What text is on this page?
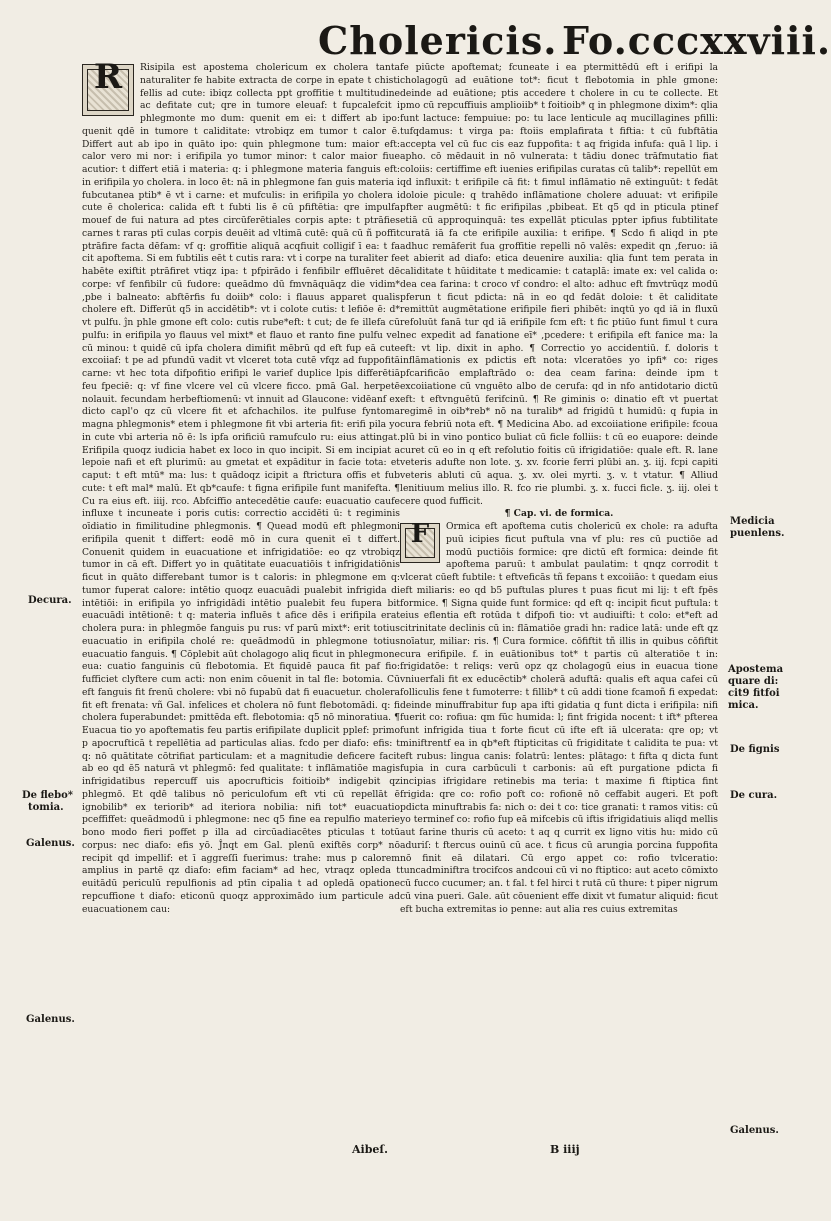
Cholericis. Fo.cccxxviii.
R	Risipila est apostema cholericum ex cholera tanta naturaliter fe habite extracta de corpe in epate t chisti fellis ad cute: ibiqz collecta ppt groffitie t multitudine ac defitate cut; qre in tumore eleuaf: t fupcalefcit i phlegmonte mo dum: quenit em ei: t differt ab ipo: quenit qdē in tumore t caliditate: vtrobiqz em tumor t calor ē. Differt aut ab ipo in quāto ipo: quin phlegmone tum: maior eft: calor vero mi nor: i erifipila yo tumor minor: t calor maior fiue acutior: t differt etiā i materia: q: i phlegmone materia fanguis eft: in erifipila yo cholera. in loco ēt: nā in phlegmone fan guis materia i fubcutanea ptib* ē vt i carne: et mufculis: in erifipila yo cholera i cute ē cholerica: calida eft t fubti lis ē cū pfiftētia: qre impulfa mouef de fui natura ad ptes circūferētiales corpis apte: t ptrāfies carnes t raras ptī culas corpis deuēit ad vltimā cutē: quā cū ñ poffit ptrāfire facta dēfam: vf q: groffitie aliquā acqfiuit colligif ī ea: t fa cit apoftema. Si em fubtilis eēt t cutis rara: vt i corpe na turaliter fe habēte exiftit ptrāfiret vtiqz ipa: t pfpirādo i fenfibilr effluēret dē corpe: vf fenfibilr cū fudore: queādmo dū fmvnāquāqz die vidim* ,pbe i balneato: abftērfis fu doiib* colo: i flauus apparet qualis cholere eft. Differūt q5 in accidētib*: vt i colote cutis: t lefiōe ē: d* vt pulfu. ĵn phle gmone eft colo: cutis rube*eft: t cut; de fe illefa cū pulfu: in erifipila yo flauus vel mixt* et flauo et ranto fine pulfu vel cū minou: t quidē cū ipfa cholera dimifit mēbrū qd eft fup eā cute excoiiaf: t pe ad pfundū vadit vt vlceret tota cutē vfqz ad fuppofitā carne: vt hec tota difpofitio erifipi le varief duplice lpis differētiā feu fpeciē: q: vf fine vlcere vel cū vlcere ficco. pmā Gal. herpetē nolauit. fecundam herbeftiomenū: vt innuit ad Glaucone: vidēanf ex dicto capl'o qz cū vlcere fit et afchachilos. ite pulfuse fyntoma magna phlegmonis* etem i phlegmone fit vbi arteria fit: erifi pila yo in cute vbi arteria nō ē: ls ipfa orificiū ramufculo ru: eius attingat. Erifipila quoqz iudicia habet ex loco in quo incipit. Si em incipiat a lepoie nafi et eft plurimū: au gmetat et expāditur in facie tota: et caput: t eft mtū* ma: lus: t quādoqz icipit a ftrictura offis et fub cute: t eft mal* malū. Et qb*caufe: t figna erifipile funt manifefta. ¶ Cu ra eius eft. iiij. rco. Abfciffio antecedētie caufe: euacuatio caufe influxe t incuneate i poris cutis: correctio accidēti ū: t regiminis oīdiatio in fimilitudine phlegmonis. ¶ Quead modū eft phlegmoni erifipila quenit t differt: eodē mō in cura quenit eī t differt. Conuenit quidem in euacuatione et infrigidatiōe: eo qz vtrobiqz tumor in cā eft. Differt yo in quātitate euacuatiōis t infrigidatiōnis ficut in quāto differebant tumor is t caloris: in phlegmone em q: tumor fuperat calore: intētio quoqz euacuādi pualebit infrigida di intētiōi: in erifipila yo infrigidādi intētio pualebit feu fupera bit euacuādi intētionē: t q: materia influēs t afice dēs i erifipila erat cholera pura: in phlegmōe fanguis pu rus: vf parū mixt*: erit totius euacuatio in erifipila cholé re: queādmodū in phlegmone totius euacuatio fanguis. ¶ Cōplebit aūt cholagogo aliq ficut in phlegmone eua: cuatio fanguinis cū flebotomia. Et fiquidē pauca fit paf fio: fufficiet clyftere cum acti: non enim cōuenit in tal fle: botomia. Cū eft fanguis fit frenū cholere: vbi nō fupabū dat fi euacuetur. cholera fit eft frenata: vñ Gal. infelices et cholera nō funt flebotomādi. q: fi cholera fuperabundet: pmittēda eft. flebotomia: q5 nō minoratiua. ¶ Euacua tio yo apoftematis feu partis erifipilate duplicit pplef: primo p apocrufticā t repellētia ad particulas alias. fcdo per diafo: efis: t q: nō quātitate cōtrifiat particulam: et a magnitudie deficere facit ab eo qd ē5 naturā vt phlegmō: fed qualitate: t inflāmatiōe magis infrigidatibus repercuff uis apocrufticis foitioib* indigebit qz phlegmō. Et qdē talibus nō periculofum eft vti cū repellāt ē ignobilib* ex teriorib* ad iteriora nobilia: nifi tot* euacuatio pceffiffet: queādmodū i phlegmone: nec q5 fine ea repulfio materie bono modo fieri poffet p illa ad circūadiacētes pticulas t totū corpus: nec diafo: efis yō. Ĵnqt em Gal. plenū exiftēs corp* nō recipit qd impellif: et ī aggreſſi fuerimus: trahe: mus p calorem amplius in partē qz diafo: efim faciam* ad hec, vtraqz opleda t euitādū periculū repulfionis ad ptīn cipalia t ad opledā opatione repcuffione t diafo: eticonū quoqz approximādo ium particule ad euacuationem cau:

fe piūcte apoftemat; fcuneate i ea ptermittēdū eft i erifipi la cholagogū ad euātione tot*: ficut t flebotomia in phle gmone: deinde ad euātione; ptis accedere t cholere in cu te collecte. Et pmo cū repcuffiuis amplioiib* t foitioib* q in phlegmone dixim*: qlia funt lactuce: fempuiue: po: tu lace lenticule aq mucillagines pfilli: tufqdamus: t virga pa: ftoiis emplafirata t fiftia: t cū fubftātia accepta vel cū fuc cis eaz fuppofita: t aq frigida infufa: quā l lip. i apho. cō mēdauit in nō vulnerata: t tādiu donec trāfmutatio fiat coloiis: certiffime eft iuenies erifipilas curatas cū talib*: repellūt em qd influxit: t erifipile cā fit: t fimul inflāmatio nē extinguūt: t fedāt doloie picule: q trahēdo inflāmatione cholere aduuat: vt erifipile pfter augmētū: t fic erifipilas ,pbibeat. Et q5 qd in pticula ptinef etiā cū approquinquā: tes expellāt pticulas ppter ipfius fubtilitate curatā iā fa cte erifipile auxilia: t erifipe. ¶ Scdo fi aliqd in pte adhuc remāferit fua groffitie repelli nō valēs: expedit qn ,feruo: iā et abierit ad diafo: etica deuenire auxilia: qlia funt tem perata in caliditate t hūiditate t medicamie: t cataplā: imate ex: vel calida o: dea cea farina: t croco vf condro: el alto: adhuc eft fmvtrūqz modū pferun t ficut pdicta: nā in eo qd fedāt doloie: t ēt caliditate remittūt augmētatione erifipile fieri phibēt: inqtū yo qd iā in fluxū refoluūt fanā tur qd iā erifipile fcm eft: t fic ptiūo funt fimul t cura nec expedit ad fanatione eī* ,pcedere: t erifipila eft fanice ma: la eft: vt lip. dixit in apho. ¶ Correctio yo accidentiū. f. doloris t inflāmationis ex pdictis eft nota: vlceratōes yo ipfi* co: riges pfcarificāo emplaftrādo o: dea ceam farina: deinde ipm t excoiiatione cū vnguēto albo de cerufa: qd in nfo antidotario dictū eft: t eftvnguētū ferifcinū. ¶ Re giminis o: dinatio eft vt puertat regimē in oib*reb* nō na turalib* ad frigidū t humidū: q fupia in cura febriū nota eft. ¶ Medicina Abo. ad excoiiatione erifipile: fcoua plū bi in vino pontico buliat cū ficle folliis: t cū eo euapore: deinde curet cū eo in q eft refolutio foitis cū ifrigidatiōe: quale eft. R. lane veteris adufte non lote. ʒ. xv. fcorie ferri plūbi an. ʒ. iij. fcpi capiti veteris abluti cū aqua. ʒ. xv. olei myrti. ʒ. v. t vtatur. ¶ Alliud lenitiuum melius illo. R. fco rie plumbi. ʒ. x. fucci ficle. ʒ. iij. olei t cere quod fufficit.

¶ Cap. vi. de formica.

F	Ormica eft apoftema cutis cholericū ex chole: ra adufta puū icipies ficut puftula vna vf plu: res cū puctiōe ad modū puctiōis formice: qre dictū eft formica: deinde fit apoftema paruū: t ambulat paulatim: t qnqz corrodit t vlcerat cūeft fubtile: t eftveficās tñ fepans t excoiiāo: t quedam eius eft miliaris: eo qd b5 puftulas plures t puas ficut mi lij: t eft fpēs formice. ¶ Signa quide funt formice: qd eft q: incipit ficut puftula: t eius eflentia eft rotūda t difpofi tio: vt audiuifti: t colo: et*eft ad citrinitate declinis cū in: flāmatiōe gradi hn: radice latā: unde eft qz noīatur, miliar: ris. ¶ Cura formice. cōfiftit tñ illis in quibus cōfiftit cura erifipile. f. in euātionibus tot* t partis cū alteratiōe t in: frigidatōe: t reliqs: verū opz qz cholagogū eius in euacua tione vniuerfali fit ex educēctib* cholerā aduftā: qualis eft aqua cafei cū folliculis fene t fumoterre: t fillib* t cū addi tione fcamoñ fi expedat: deinde minuffrabitur fup apa ifti gidatia q funt dicta i erifipila: nifi fuerit co: rofiua: qm fūc humida: l; fint frigida nocent: t ift* pfterea funt infrigida tiua t forte ficut cū ifte eft iā ulcerata: qre op; vt miniftrentf ea in qb*eft ftipticitas cū frigiditate t calidita te pua: vt eft rubus: lingua canis: folatrū: lentes: plātago: t fifta q dicta funt fupia in cura carbūculi t carbonis: aū eft purgatione pdicta fi incipias ifrigidare retinebis ma teria: t maxime fi ftiptica fint frigida: qre co: rofio poft co: rofionē nō ceffabit augeri. Et poft pdicta minuftrabis fa: nich o: dei t co: tice granati: t ramos vitis: cū yo terminef co: rofio fup eā mifcebis cū iftis ifrigidatiuis aliqd mellis aut farine thuris cū aceto: t aq q currit ex ligno vitis hu: mido cū aduriſ: t ftercus ouinū cū ace. t ficus cū arungia porcina fuppofita nō finit eā dilatari. Cū ergo appet co: rofio tvlceratio: tuncadminiftra trocifcos andcoui cū vi no ftiptico: aut aceto cōmixto cū fucco cucumer; an. t fal. t fel hirci t rutā cū thure: t piper nigrum cū vina pueri. Gale. aūt cōuenient effe dixit vt fumatur aliquid: ficut eft bucha extremitas io penne: aut alia res cuius extremitas

Decura.
De flebo*
tomia.
Galenus.
Galenus.
Medicia
puenlens.
Apostema
quare di:
cit9 fitfoi
mica.
De fignis
De cura.
Galenus.
Aibeſ.	B iiij
